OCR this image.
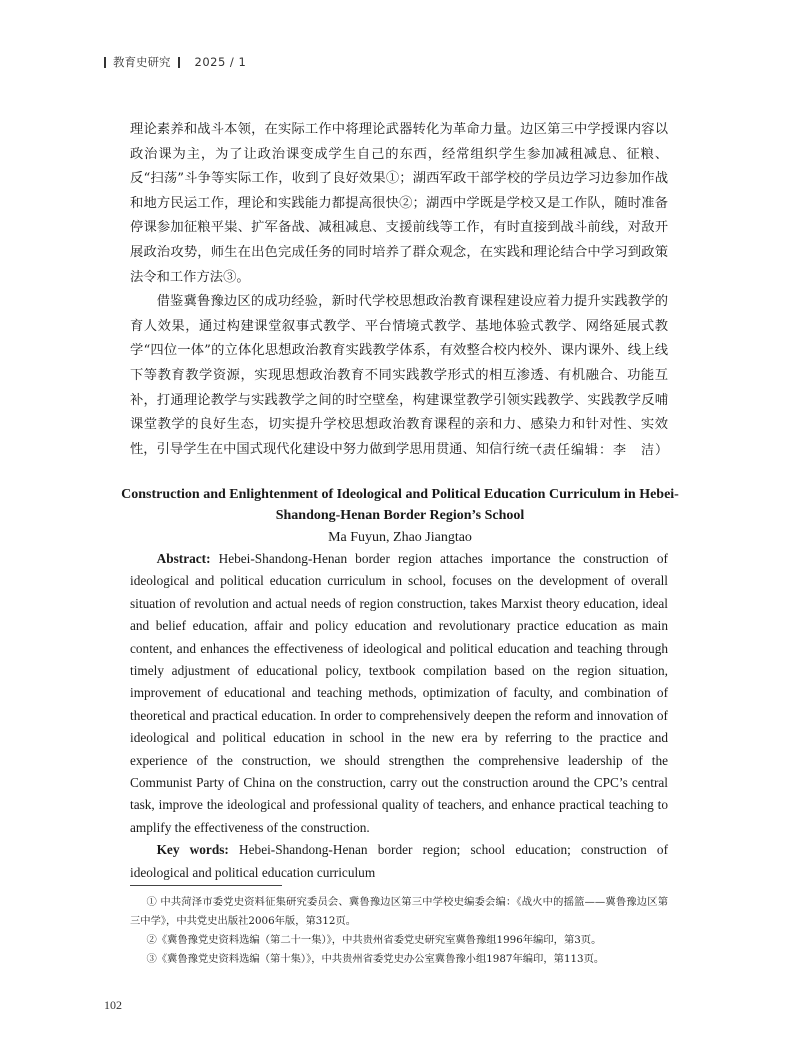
教育史研究 2025 / 1

理论素养和战斗本领，在实际工作中将理论武器转化为革命力量。边区第三中学授课内容以政治课为主，为了让政治课变成学生自己的东西，经常组织学生参加减租减息、征粮、反“扫荡”斗争等实际工作，收到了良好效果①；湖西军政干部学校的学员边学习边参加作战和地方民运工作，理论和实践能力都提高很快②；湖西中学既是学校又是工作队，随时准备停课参加征粮平粜、扩军备战、减租减息、支援前线等工作，有时直接到战斗前线，对敌开展政治攻势，师生在出色完成任务的同时培养了群众观念，在实践和理论结合中学习到政策法令和工作方法③。

借鉴冀鲁豫边区的成功经验，新时代学校思想政治教育课程建设应着力提升实践教学的育人效果，通过构建课堂叙事式教学、平台情境式教学、基地体验式教学、网络延展式教学“四位一体”的立体化思想政治教育实践教学体系，有效整合校内校外、课内课外、线上线下等教育教学资源，实现思想政治教育不同实践教学形式的相互渗透、有机融合、功能互补，打通理论教学与实践教学之间的时空壁垒，构建课堂教学引领实践教学、实践教学反哺课堂教学的良好生态，切实提升学校思想政治教育课程的亲和力、感染力和针对性、实效性，引导学生在中国式现代化建设中努力做到学思用贯通、知信行统一。

（责任编辑：李　洁）
Construction and Enlightenment of Ideological and Political Education Curriculum in Hebei-Shandong-Henan Border Region’s School
Ma Fuyun, Zhao Jiangtao

Abstract: Hebei-Shandong-Henan border region attaches importance the construction of ideological and political education curriculum in school, focuses on the development of overall situation of revolution and actual needs of region construction, takes Marxist theory education, ideal and belief education, affair and policy education and revolutionary practice education as main content, and enhances the effectiveness of ideological and political education and teaching through timely adjustment of educational policy, textbook compilation based on the region situation, improvement of educational and teaching methods, optimization of faculty, and combination of theoretical and practical education. In order to comprehensively deepen the reform and innovation of ideological and political education in school in the new era by referring to the practice and experience of the construction, we should strengthen the comprehensive leadership of the Communist Party of China on the construction, carry out the construction around the CPC’s central task, improve the ideological and professional quality of teachers, and enhance practical teaching to amplify the effectiveness of the construction.

Key words: Hebei-Shandong-Henan border region; school education; construction of ideological and political education curriculum

① 中共菏泽市委党史资料征集研究委员会、冀鲁豫边区第三中学校史编委会编：《战火中的摇篮——冀鲁豫边区第三中学》，中共党史出版社2006年版，第312页。

②《冀鲁豫党史资料选编（第二十一集）》，中共贵州省委党史研究室冀鲁豫组1996年编印，第3页。

③《冀鲁豫党史资料选编（第十集）》，中共贵州省委党史办公室冀鲁豫小组1987年编印，第113页。

102
